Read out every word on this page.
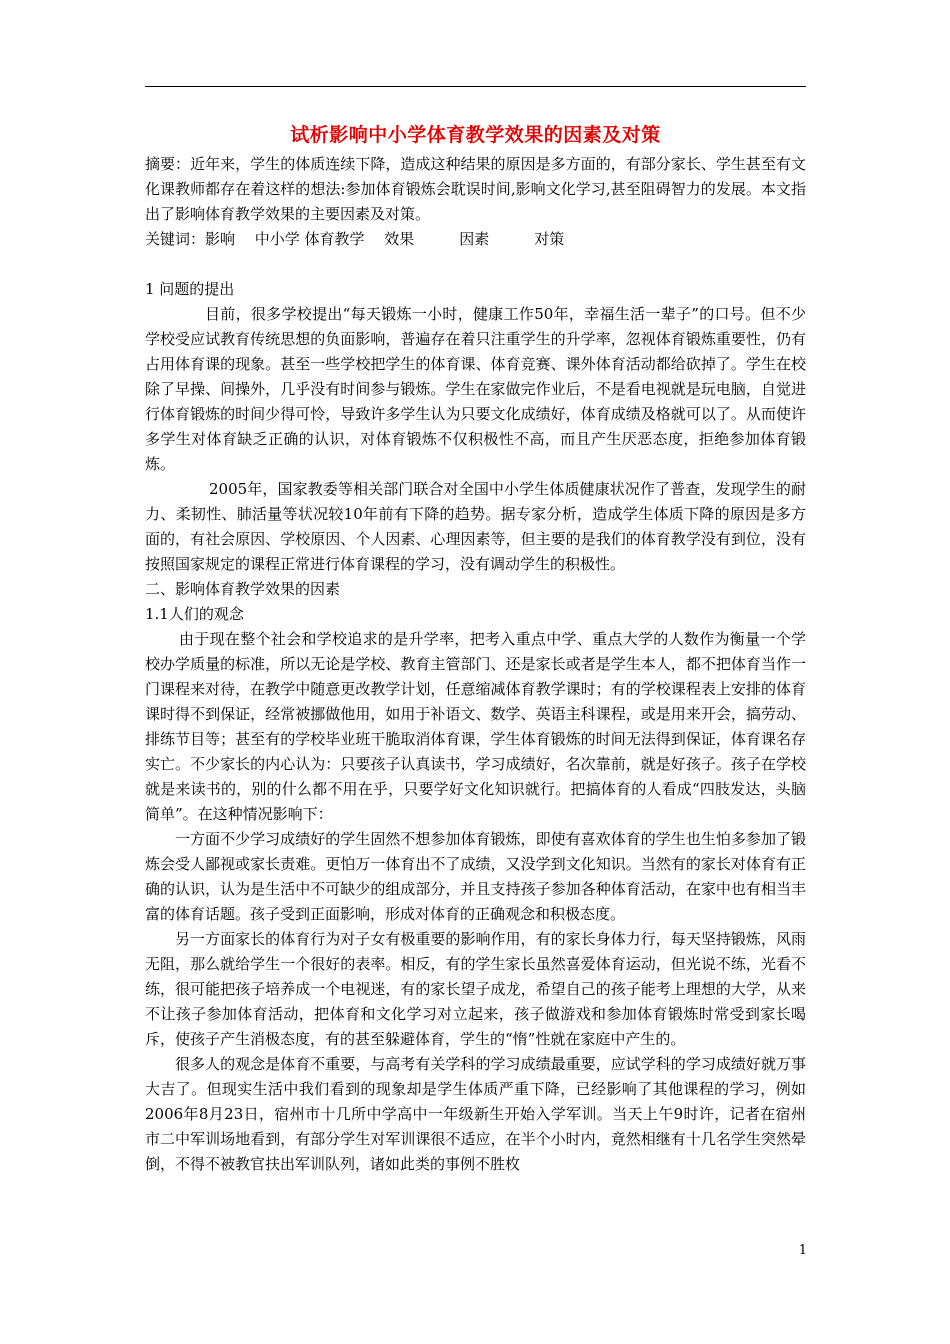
试析影响中小学体育教学效果的因素及对策

摘要：近年来，学生的体质连续下降，造成这种结果的原因是多方面的，有部分家长、学生甚至有文化课教师都存在着这样的想法:参加体育锻炼会耽误时间,影响文化学习,甚至阻碍智力的发展。本文指出了影响体育教学效果的主要因素及对策。

关键词：影响　 中小学 体育教学　 效果　　　因素　　　对策

1 问题的提出

目前，很多学校提出“每天锻炼一小时，健康工作50年，幸福生活一辈子”的口号。但不少学校受应试教育传统思想的负面影响，普遍存在着只注重学生的升学率，忽视体育锻炼重要性，仍有占用体育课的现象。甚至一些学校把学生的体育课、体育竞赛、课外体育活动都给砍掉了。学生在校除了早操、间操外，几乎没有时间参与锻炼。学生在家做完作业后，不是看电视就是玩电脑，自觉进行体育锻炼的时间少得可怜，导致许多学生认为只要文化成绩好，体育成绩及格就可以了。从而使许多学生对体育缺乏正确的认识，对体育锻炼不仅积极性不高，而且产生厌恶态度，拒绝参加体育锻炼。

2005年，国家教委等相关部门联合对全国中小学生体质健康状况作了普查，发现学生的耐力、柔韧性、肺活量等状况较10年前有下降的趋势。据专家分析，造成学生体质下降的原因是多方面的，有社会原因、学校原因、个人因素、心理因素等，但主要的是我们的体育教学没有到位，没有按照国家规定的课程正常进行体育课程的学习，没有调动学生的积极性。

二、影响体育教学效果的因素

1.1人们的观念

由于现在整个社会和学校追求的是升学率，把考入重点中学、重点大学的人数作为衡量一个学校办学质量的标准，所以无论是学校、教育主管部门、还是家长或者是学生本人，都不把体育当作一门课程来对待，在教学中随意更改教学计划，任意缩减体育教学课时；有的学校课程表上安排的体育课时得不到保证，经常被挪做他用，如用于补语文、数学、英语主科课程，或是用来开会，搞劳动、排练节目等；甚至有的学校毕业班干脆取消体育课，学生体育锻炼的时间无法得到保证，体育课名存实亡。不少家长的内心认为：只要孩子认真读书，学习成绩好，名次靠前，就是好孩子。孩子在学校就是来读书的，别的什么都不用在乎，只要学好文化知识就行。把搞体育的人看成“四肢发达，头脑简单”。在这种情况影响下：

一方面不少学习成绩好的学生固然不想参加体育锻炼，即使有喜欢体育的学生也生怕多参加了锻炼会受人鄙视或家长责难。更怕万一体育出不了成绩，又没学到文化知识。当然有的家长对体育有正确的认识，认为是生活中不可缺少的组成部分，并且支持孩子参加各种体育活动，在家中也有相当丰富的体育话题。孩子受到正面影响，形成对体育的正确观念和积极态度。

另一方面家长的体育行为对子女有极重要的影响作用，有的家长身体力行，每天坚持锻炼，风雨无阻，那么就给学生一个很好的表率。相反，有的学生家长虽然喜爱体育运动，但光说不练，光看不练，很可能把孩子培养成一个电视迷，有的家长望子成龙，希望自己的孩子能考上理想的大学，从来不让孩子参加体育活动，把体育和文化学习对立起来，孩子做游戏和参加体育锻炼时常受到家长喝斥，使孩子产生消极态度，有的甚至躲避体育，学生的“惰”性就在家庭中产生的。

很多人的观念是体育不重要，与高考有关学科的学习成绩最重要，应试学科的学习成绩好就万事大吉了。但现实生活中我们看到的现象却是学生体质严重下降，已经影响了其他课程的学习，例如 2006年8月23日，宿州市十几所中学高中一年级新生开始入学军训。当天上午9时许，记者在宿州市二中军训场地看到，有部分学生对军训课很不适应，在半个小时内，竟然相继有十几名学生突然晕倒，不得不被教官扶出军训队列，诸如此类的事例不胜枚

1
